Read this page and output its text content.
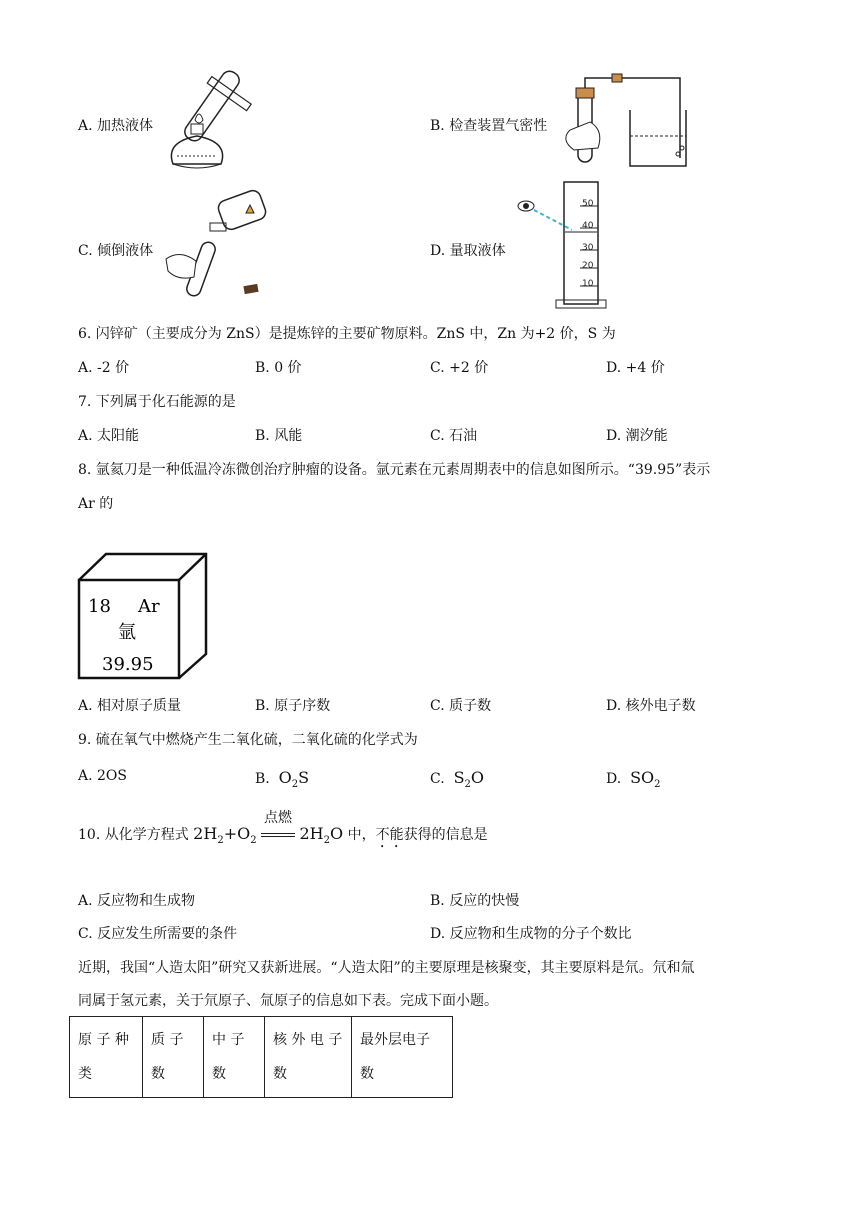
A. 加热液体	B. 检查装置气密性
C. 倾倒液体	D. 量取液体
50
40
30
20
10
6. 闪锌矿（主要成分为 ZnS）是提炼锌的主要矿物原料。ZnS 中，Zn 为+2 价，S 为
A. -2 价	B. 0 价	C. +2 价	D. +4 价
7. 下列属于化石能源的是
A. 太阳能	B. 风能	C. 石油	D. 潮汐能
8. 氩氦刀是一种低温冷冻微创治疗肿瘤的设备。氩元素在元素周期表中的信息如图所示。“39.95”表示
Ar 的
18 Ar
氩
39.95
A. 相对原子质量	B. 原子序数	C. 质子数	D. 核外电子数
9. 硫在氧气中燃烧产生二氧化硫，二氧化硫的化学式为
A. 2OS	B. $O_2S$	C. $S_2O$	D. $SO_2$
10. 从化学方程式 $2H_2+O_2$
点燃
$2H_2O$ 中，不能获得的信息是
A. 反应物和生成物	B. 反应的快慢
C. 反应发生所需要的条件	D. 反应物和生成物的分子个数比
近期，我国“人造太阳”研究又获新进展。“人造太阳”的主要原理是核聚变，其主要原料是氘。氘和氚
同属于氢元素，关于氘原子、氚原子的信息如下表。完成下面小题。
原 子 种 类	质 子 数	中 子 数	核 外 电 子 数	最外层电子 数
